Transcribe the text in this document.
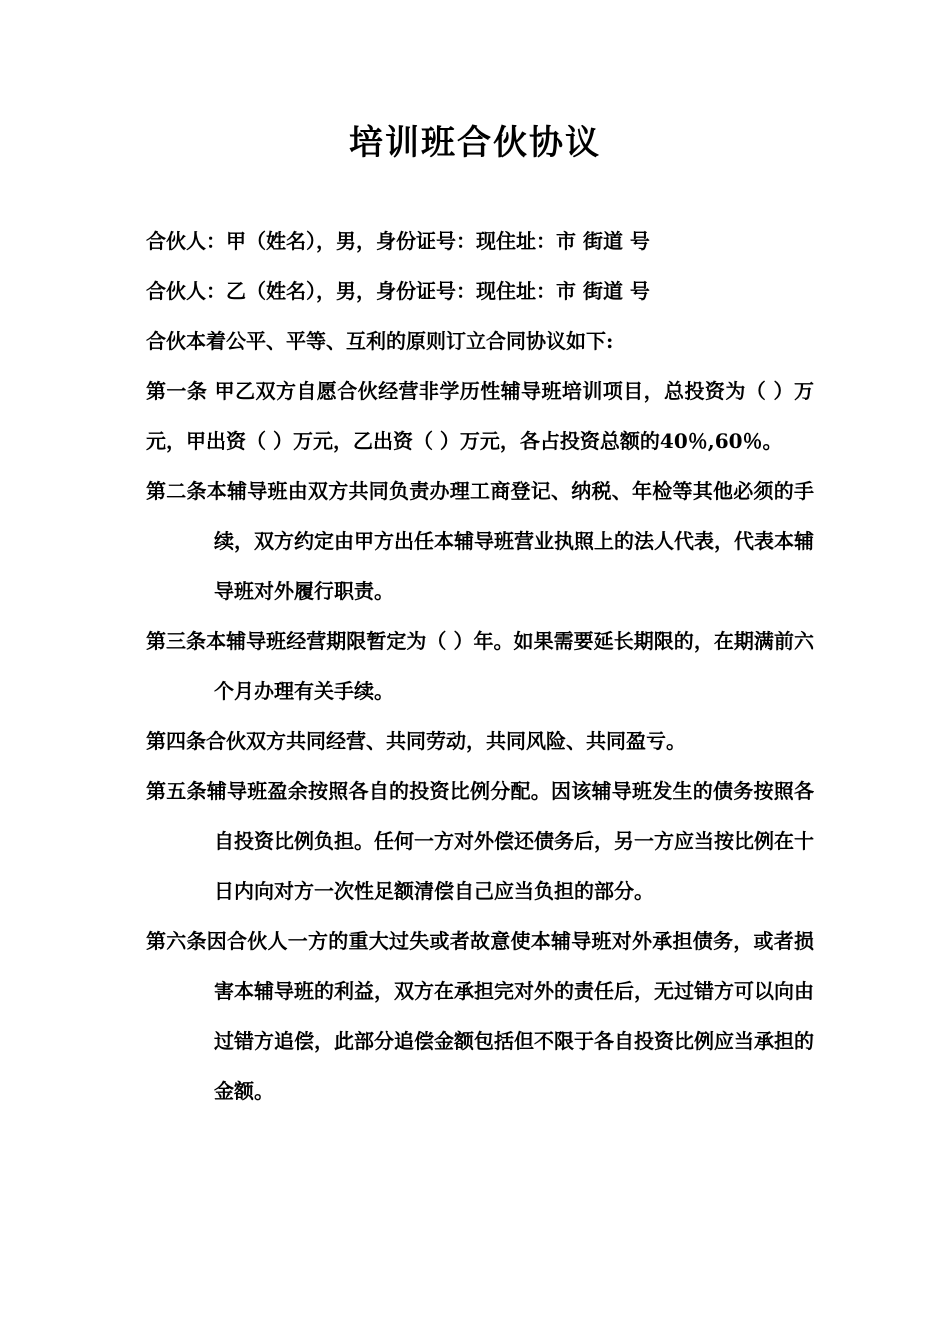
培训班合伙协议

合伙人：甲（姓名），男，身份证号：现住址：市 街道 号

合伙人：乙（姓名），男，身份证号：现住址：市 街道 号

合伙本着公平、平等、互利的原则订立合同协议如下:

第一条 甲乙双方自愿合伙经营非学历性辅导班培训项目，总投资为（ ）万元，甲出资（ ）万元，乙出资（ ）万元，各占投资总额的40％,60％。

第二条本辅导班由双方共同负责办理工商登记、纳税、年检等其他必须的手续，双方约定由甲方出任本辅导班营业执照上的法人代表，代表本辅导班对外履行职责。

第三条本辅导班经营期限暂定为（ ）年。如果需要延长期限的，在期满前六个月办理有关手续。

第四条合伙双方共同经营、共同劳动，共同风险、共同盈亏。

第五条辅导班盈余按照各自的投资比例分配。因该辅导班发生的债务按照各自投资比例负担。任何一方对外偿还债务后，另一方应当按比例在十日内向对方一次性足额清偿自己应当负担的部分。

第六条因合伙人一方的重大过失或者故意使本辅导班对外承担债务，或者损害本辅导班的利益，双方在承担完对外的责任后，无过错方可以向由过错方追偿，此部分追偿金额包括但不限于各自投资比例应当承担的金额。
